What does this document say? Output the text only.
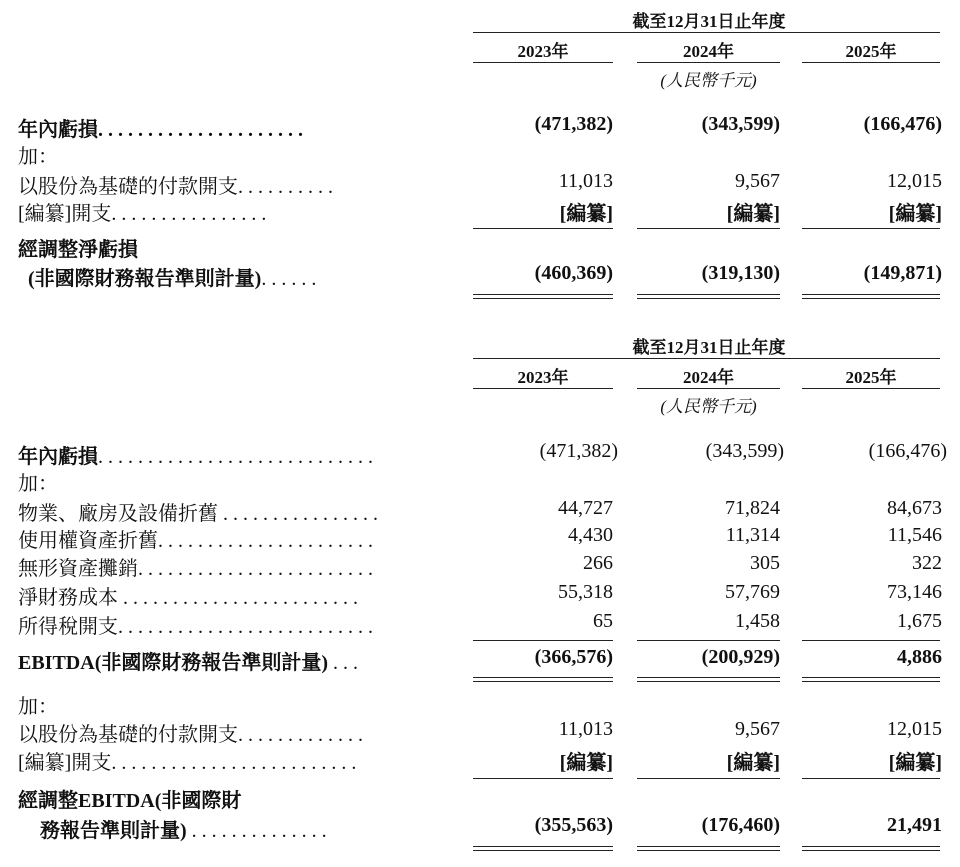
截至12月31日止年度
2023年	2024年	2025年
(人民幣千元)
年內虧損. . . . . . . . . . . . . . . . . . . . .	(471,382)	(343,599)	(166,476)
加：
以股份為基礎的付款開支. . . . . . . . . .	11,013	9,567	12,015
[編纂]開支. . . . . . . . . . . . . . . .	[編纂]	[編纂]	[編纂]
經調整淨虧損
(非國際財務報告準則計量). . . . . .	(460,369)	(319,130)	(149,871)
截至12月31日止年度
2023年	2024年	2025年
(人民幣千元)
年內虧損. . . . . . . . . . . . . . . . . . . . . . . . . . . .	(471,382)	(343,599)	(166,476)
加：
物業、廠房及設備折舊 . . . . . . . . . . . . . . . .	44,727	71,824	84,673
使用權資產折舊. . . . . . . . . . . . . . . . . . . . . .	4,430	11,314	11,546
無形資產攤銷. . . . . . . . . . . . . . . . . . . . . . . .	266	305	322
淨財務成本 . . . . . . . . . . . . . . . . . . . . . . . .	55,318	57,769	73,146
所得稅開支. . . . . . . . . . . . . . . . . . . . . . . . . .	65	1,458	1,675
EBITDA(非國際財務報告準則計量) . . .	(366,576)	(200,929)	4,886
加：
以股份為基礎的付款開支. . . . . . . . . . . . .	11,013	9,567	12,015
[編纂]開支. . . . . . . . . . . . . . . . . . . . . . . . .	[編纂]	[編纂]	[編纂]
經調整EBITDA(非國際財
務報告準則計量) . . . . . . . . . . . . . .	(355,563)	(176,460)	21,491
